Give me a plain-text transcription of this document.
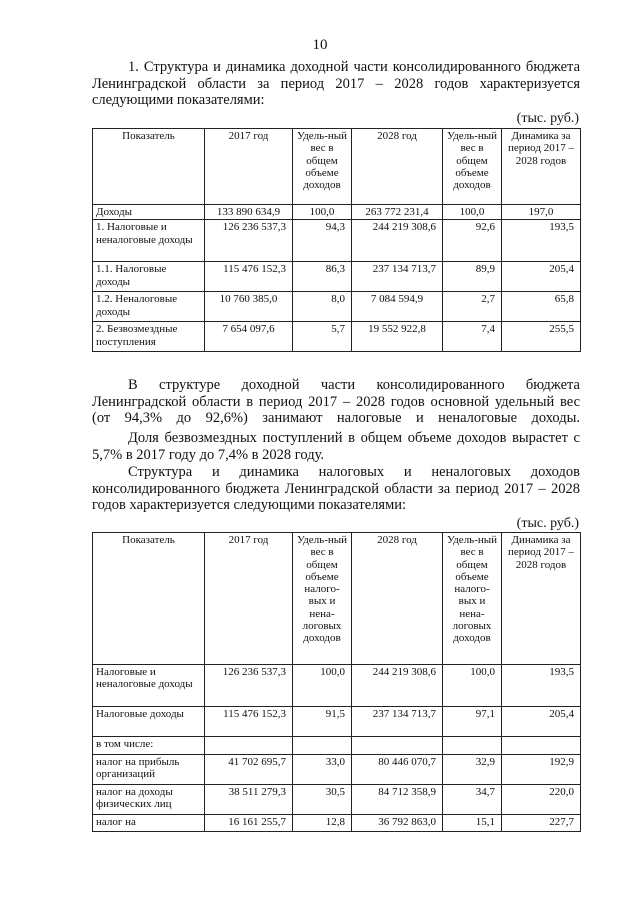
10
1. Структура и динамика доходной части консолидированного бюджета Ленинградской области за период 2017 – 2028 годов характеризуется следующими показателями:
(тыс. руб.)
Показатель	2017 год	Удель-ный вес в общем объеме доходов	2028 год	Удель-ный вес в общем объеме доходов	Динамика за период 2017 – 2028 годов
Доходы	133 890 634,9	100,0	263 772 231,4	100,0	197,0
1. Налоговые и неналоговые доходы	126 236 537,3	94,3	244 219 308,6	92,6	193,5
1.1. Налоговые доходы	115 476 152,3	86,3	237 134 713,7	89,9	205,4
1.2. Неналоговые доходы	10 760 385,0	8,0	7 084 594,9	2,7	65,8
2. Безвозмездные поступления	7 654 097,6	5,7	19 552 922,8	7,4	255,5
В структуре доходной части консолидированного бюджета Ленинградской области в период 2017 – 2028 годов основной удельный вес (от 94,3% до 92,6%) занимают налоговые и неналоговые доходы.
Доля безвозмездных поступлений в общем объеме доходов вырастет с 5,7% в 2017 году до 7,4% в 2028 году.
Структура и динамика налоговых и неналоговых доходов консолидированного бюджета Ленинградской области за период 2017 – 2028 годов характеризуется следующими показателями:
(тыс. руб.)
Показатель	2017 год	Удель-ный вес в общем объеме налого-вых и нена-логовых доходов	2028 год	Удель-ный вес в общем объеме налого-вых и нена-логовых доходов	Динамика за период 2017 – 2028 годов
Налоговые и неналоговые доходы	126 236 537,3	100,0	244 219 308,6	100,0	193,5
Налоговые доходы	115 476 152,3	91,5	237 134 713,7	97,1	205,4
в том числе:					
налог на прибыль организаций	41 702 695,7	33,0	80 446 070,7	32,9	192,9
налог на доходы физических лиц	38 511 279,3	30,5	84 712 358,9	34,7	220,0
налог на	16 161 255,7	12,8	36 792 863,0	15,1	227,7
